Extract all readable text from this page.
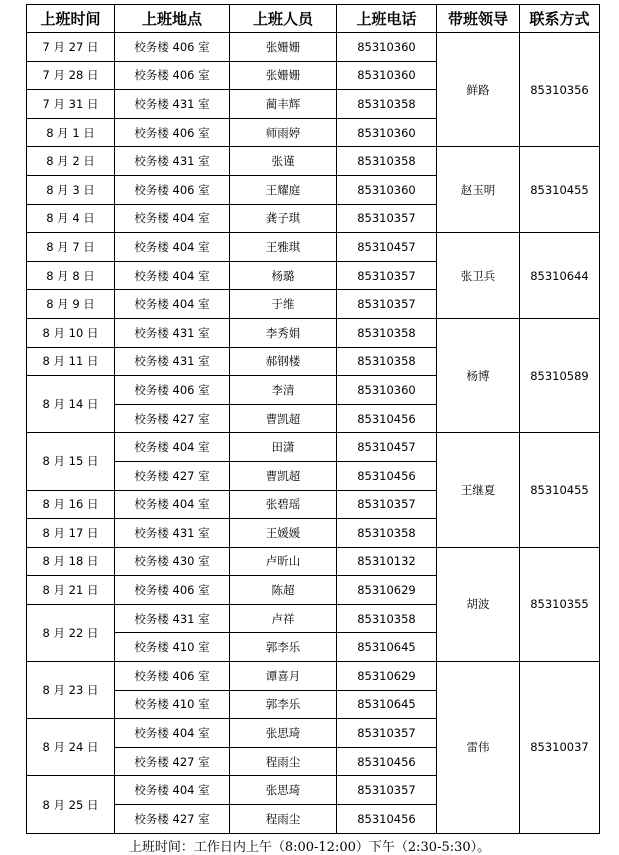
上班时间	上班地点	上班人员	上班电话	带班领导	联系方式
7 月 27 日	校务楼 406 室	张姗姗	85310360	鲜路	85310356
7 月 28 日	校务楼 406 室	张姗姗	85310360		
7 月 31 日	校务楼 431 室	蔺丰辉	85310358		
8 月 1 日	校务楼 406 室	师雨婷	85310360		
8 月 2 日	校务楼 431 室	张谨	85310358	赵玉明	85310455
8 月 3 日	校务楼 406 室	王耀庭	85310360		
8 月 4 日	校务楼 404 室	龚子琪	85310357		
8 月 7 日	校务楼 404 室	王雅琪	85310457	张卫兵	85310644
8 月 8 日	校务楼 404 室	杨璐	85310357		
8 月 9 日	校务楼 404 室	于维	85310357		
8 月 10 日	校务楼 431 室	李秀娟	85310358	杨博	85310589
8 月 11 日	校务楼 431 室	郝钢楼	85310358		
8 月 14 日	校务楼 406 室	李清	85310360		
	校务楼 427 室	曹凯超	85310456		
8 月 15 日	校务楼 404 室	田潇	85310457	王继夏	85310455
	校务楼 427 室	曹凯超	85310456		
8 月 16 日	校务楼 404 室	张碧瑶	85310357		
8 月 17 日	校务楼 431 室	王媛媛	85310358		
8 月 18 日	校务楼 430 室	卢昕山	85310132	胡波	85310355
8 月 21 日	校务楼 406 室	陈超	85310629		
8 月 22 日	校务楼 431 室	卢祥	85310358		
	校务楼 410 室	郭李乐	85310645		
8 月 23 日	校务楼 406 室	谭喜月	85310629	雷伟	85310037
	校务楼 410 室	郭李乐	85310645		
8 月 24 日	校务楼 404 室	张思琦	85310357		
	校务楼 427 室	程雨尘	85310456		
8 月 25 日	校务楼 404 室	张思琦	85310357		
	校务楼 427 室	程雨尘	85310456		
上班时间：工作日内上午（8:00-12:00）下午（2:30-5:30）。
